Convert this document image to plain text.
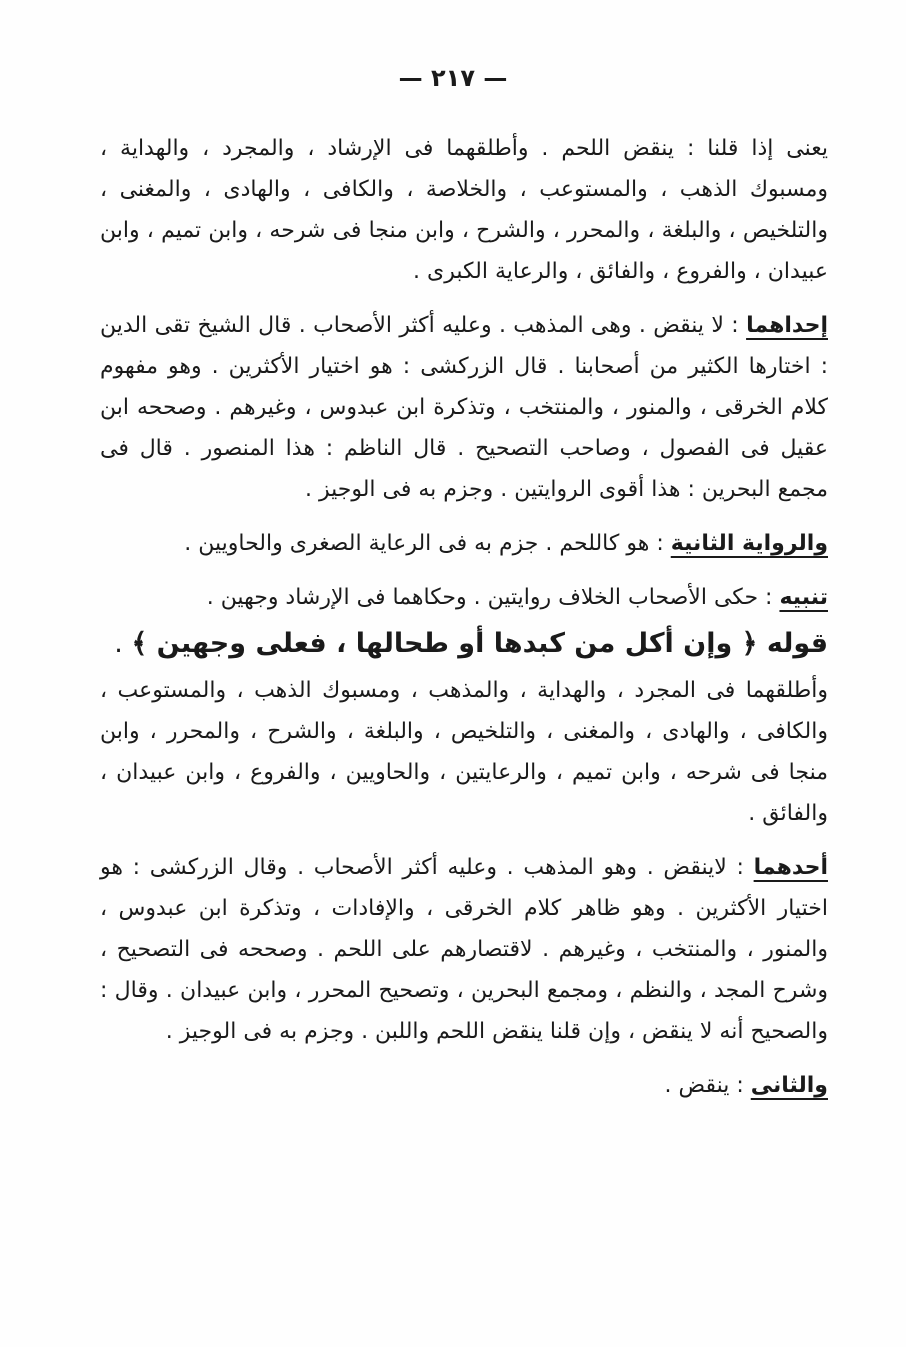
— ٢١٧ —

يعنى إذا قلنا : ينقض اللحم . وأطلقهما فى الإرشاد ، والمجرد ، والهداية ، ومسبوك الذهب ، والمستوعب ، والخلاصة ، والكافى ، والهادى ، والمغنى ، والتلخيص ، والبلغة ، والمحرر ، والشرح ، وابن منجا فى شرحه ، وابن تميم ، وابن عبيدان ، والفروع ، والفائق ، والرعاية الكبرى .

إحداهما : لا ينقض . وهى المذهب . وعليه أكثر الأصحاب . قال الشيخ تقى الدين : اختارها الكثير من أصحابنا . قال الزركشى : هو اختيار الأكثرين . وهو مفهوم كلام الخرقى ، والمنور ، والمنتخب ، وتذكرة ابن عبدوس ، وغيرهم . وصححه ابن عقيل فى الفصول ، وصاحب التصحيح . قال الناظم : هذا المنصور . قال فى مجمع البحرين : هذا أقوى الروايتين . وجزم به فى الوجيز .

والرواية الثانية : هو كاللحم . جزم به فى الرعاية الصغرى والحاويين .

تنبيه : حكى الأصحاب الخلاف روايتين . وحكاهما فى الإرشاد وجهين .

قوله ﴿ وإن أكل من كبدها أو طحالها ، فعلى وجهين ﴾ .

وأطلقهما فى المجرد ، والهداية ، والمذهب ، ومسبوك الذهب ، والمستوعب ، والكافى ، والهادى ، والمغنى ، والتلخيص ، والبلغة ، والشرح ، والمحرر ، وابن منجا فى شرحه ، وابن تميم ، والرعايتين ، والحاويين ، والفروع ، وابن عبيدان ، والفائق .

أحدهما : لاينقض . وهو المذهب . وعليه أكثر الأصحاب . وقال الزركشى : هو اختيار الأكثرين . وهو ظاهر كلام الخرقى ، والإفادات ، وتذكرة ابن عبدوس ، والمنور ، والمنتخب ، وغيرهم . لاقتصارهم على اللحم . وصححه فى التصحيح ، وشرح المجد ، والنظم ، ومجمع البحرين ، وتصحيح المحرر ، وابن عبيدان . وقال : والصحيح أنه لا ينقض ، وإن قلنا ينقض اللحم واللبن . وجزم به فى الوجيز .

والثانى : ينقض .
